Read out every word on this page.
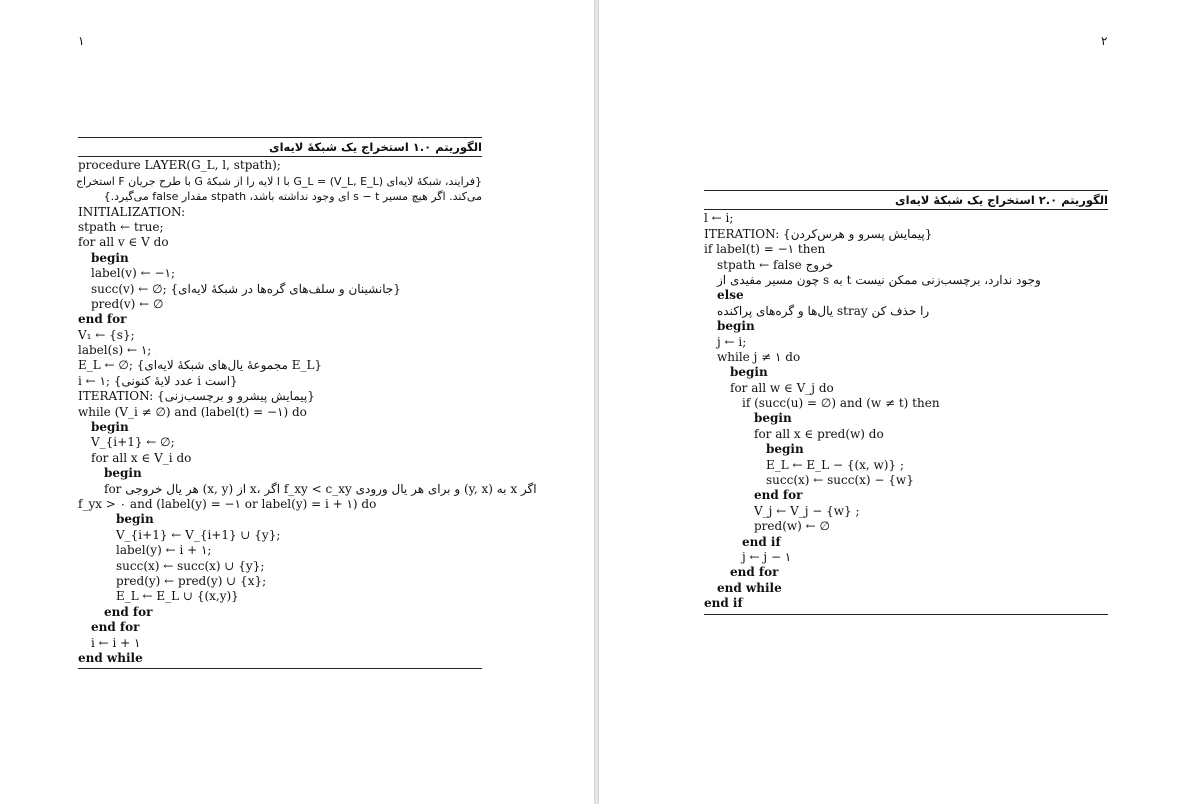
۱
الگوریتم ۱.۰ استخراج یک شبکهٔ لایه‌ای
procedure LAYER(G_L, l, stpath);
{فرایند، شبکهٔ لایه‌ای G_L = (V_L, E_L) با l لایه را از شبکهٔ G با طرح جریان F استخراج
می‌کند. اگر هیچ مسیر s − t ای وجود نداشته باشد، stpath مقدار false می‌گیرد.}
INITIALIZATION:
stpath ← true;
for all v ∈ V do
begin
label(v) ← −۱;
succ(v) ← ∅; {جانشینان و سلف‌های گره‌ها در شبکهٔ لایه‌ای}
pred(v) ← ∅
end for
V₁ ← {s};
label(s) ← ۱;
E_L ← ∅; {مجموعهٔ یال‌های شبکهٔ لایه‌ای E_L}
i ← ۱; {عدد لایهٔ کنونی i است}
ITERATION: {پیمایش پیشرو و برچسب‌زنی}
while (V_i ≠ ∅) and (label(t) = −۱) do
begin
V_{i+1} ← ∅;
for all x ∈ V_i do
begin
for هر یال خروجی (x, y) از x، اگر f_xy < c_xy و برای هر یال ورودی (y, x) به x اگر
f_yx > ۰ and (label(y) = −۱ or label(y) = i + ۱) do
begin
V_{i+1} ← V_{i+1} ∪ {y};
label(y) ← i + ۱;
succ(x) ← succ(x) ∪ {y};
pred(y) ← pred(y) ∪ {x};
E_L ← E_L ∪ {(x,y)}
end for
end for
i ← i + ۱
end while
۲
الگوریتم ۲.۰ استخراج یک شبکهٔ لایه‌ای
l ← i;
ITERATION: {پیمایش پسرو و هرس‌کردن}
if label(t) = −۱ then
stpath ← false خروج
چون مسیر مفیدی از s به t وجود ندارد، برچسب‌زنی ممکن نیست
else
یال‌ها و گره‌های پراکنده stray را حذف کن
begin
j ← i;
while j ≠ ۱ do
begin
for all w ∈ V_j do
if (succ(u) = ∅) and (w ≠ t) then
begin
for all x ∈ pred(w) do
begin
E_L ← E_L − {(x, w)} ;
succ(x) ← succ(x) − {w}
end for
V_j ← V_j − {w} ;
pred(w) ← ∅
end if
j ← j − ۱
end for
end while
end if
